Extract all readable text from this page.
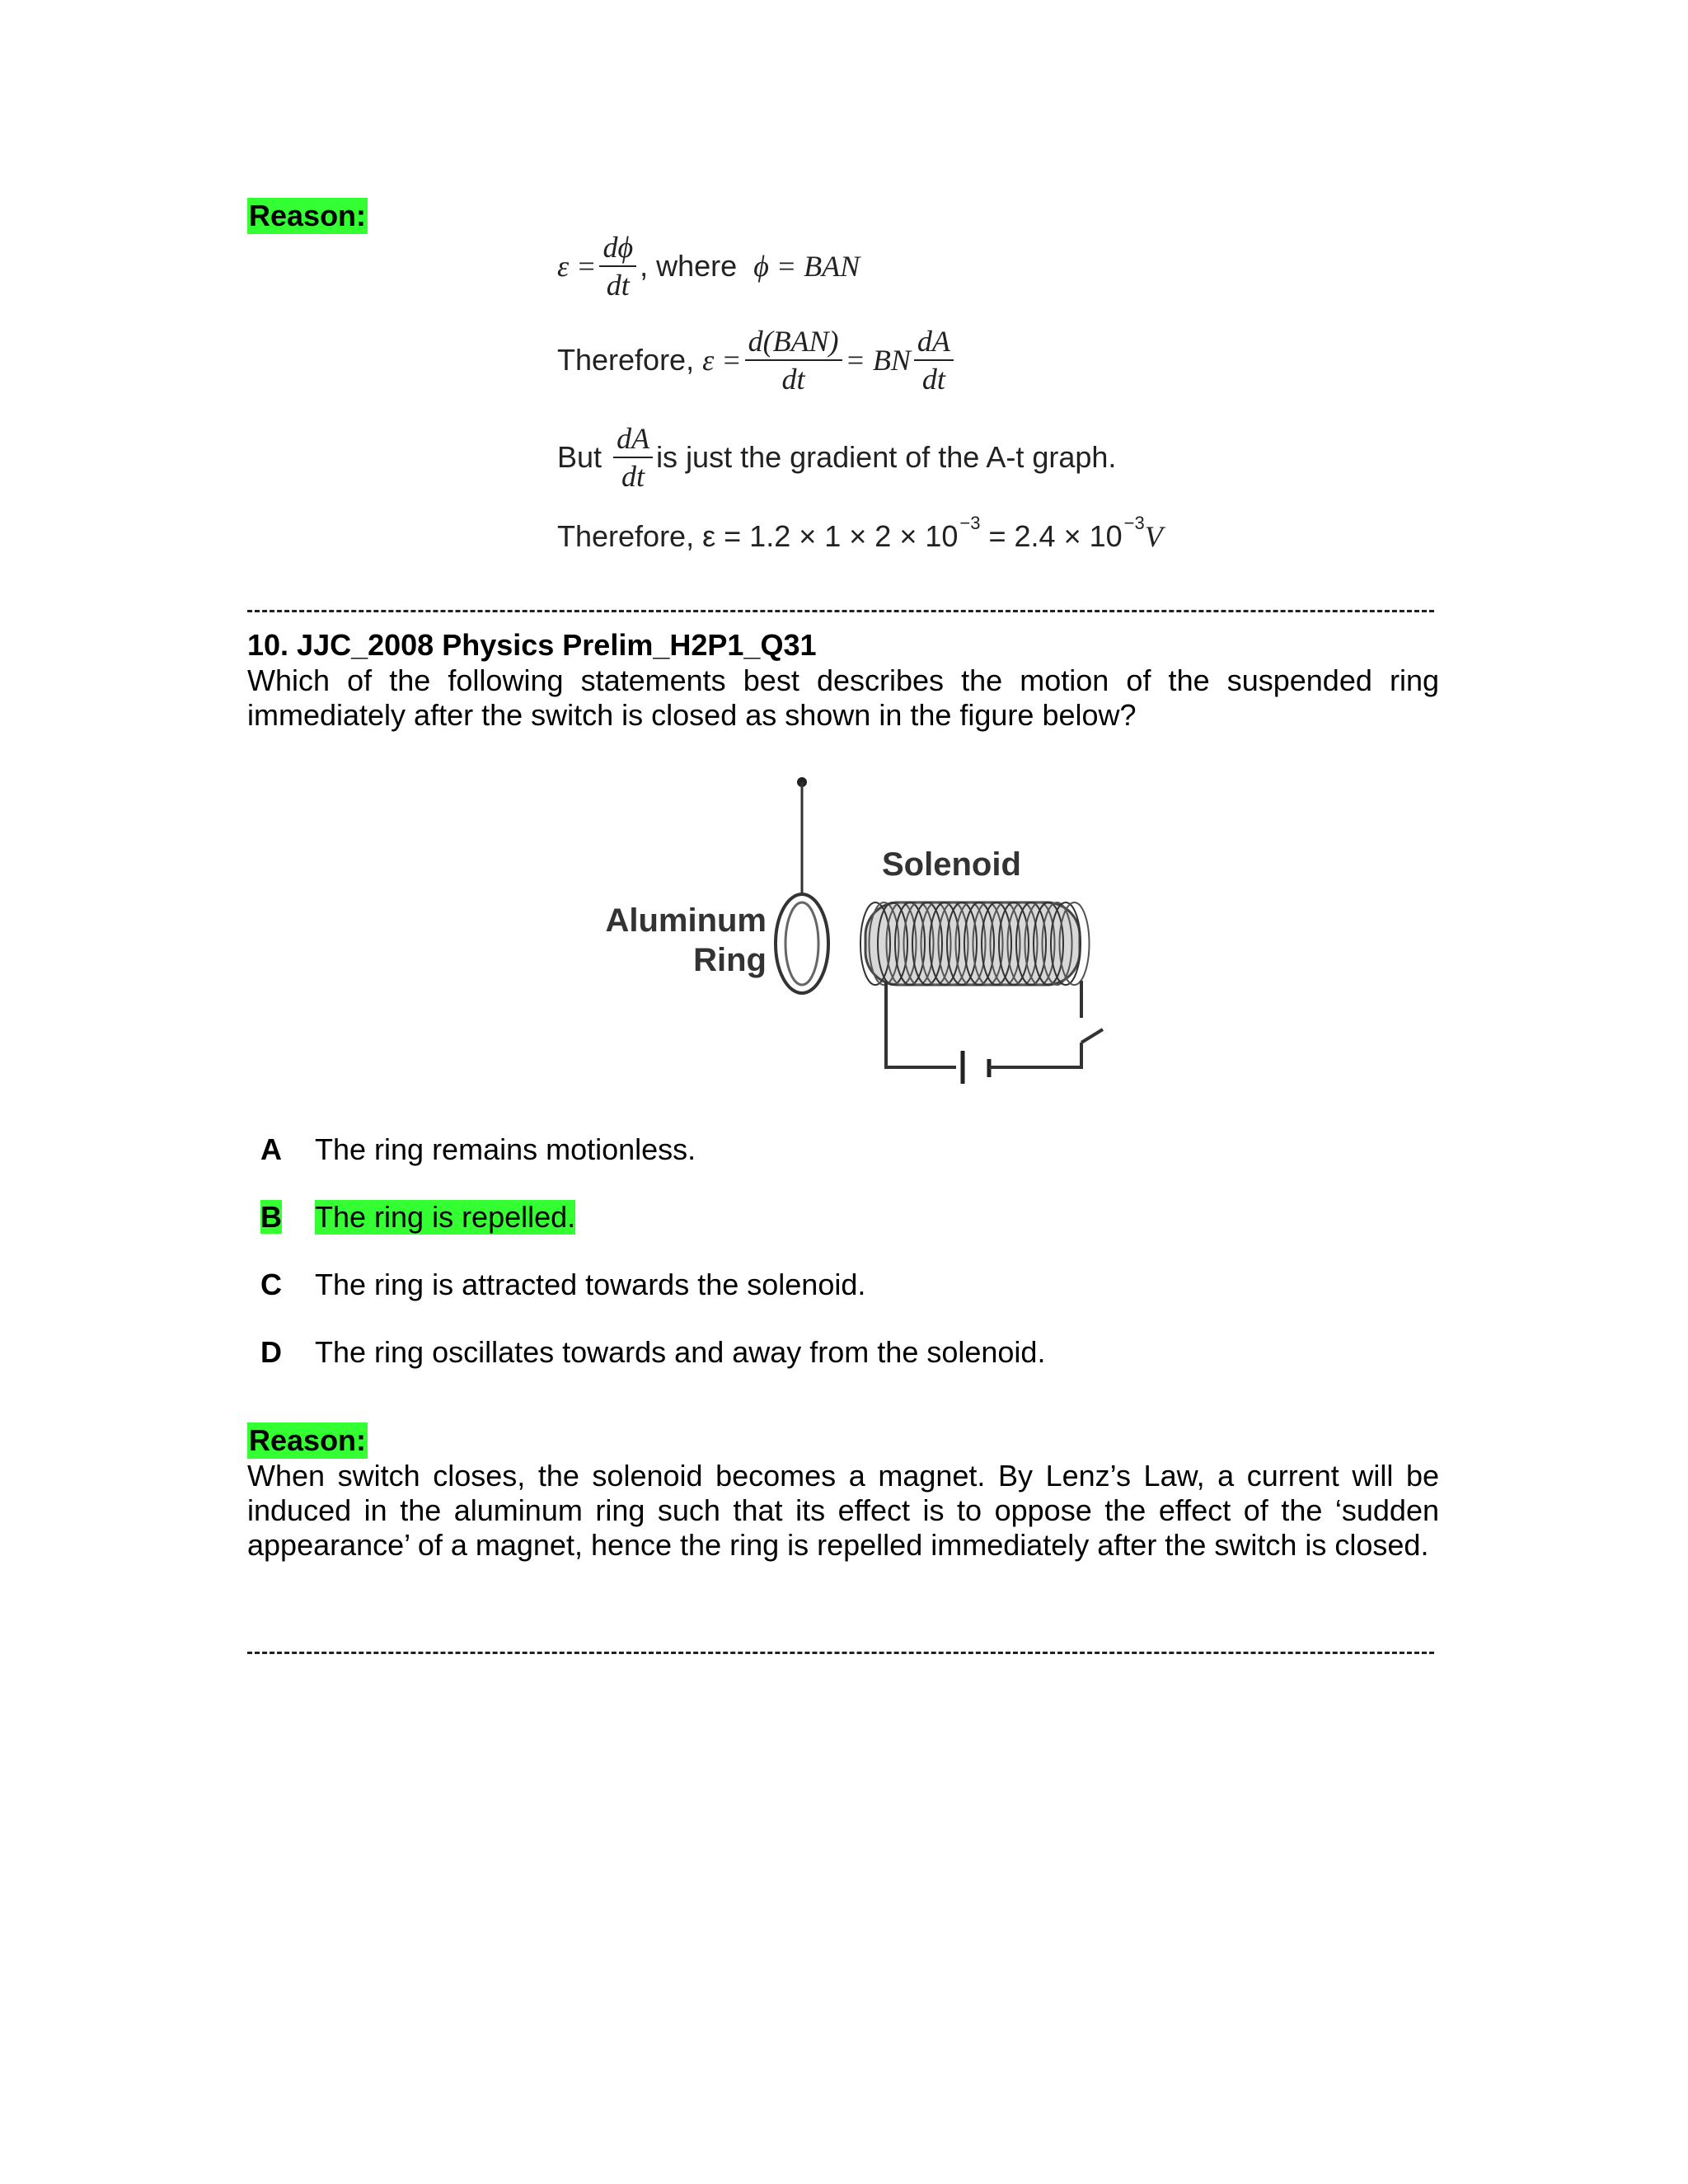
Reason:
$\varepsilon = \frac{d\phi}{dt}$ , where
ϕ = BAN
Therefore,
$\varepsilon = \frac{\text{d(BAN)}}{dt}$ = BN $\frac{dA}{dt}$
But
$\frac{dA}{dt}$ is just the gradient of the A-t graph.
Therefore,
ε = 1.2 × 1 × 2 × 10 −3
= 2.4 × 10 −3 V
10. JJC_2008 Physics Prelim_H2P1_Q31
Which of the following statements best describes the motion of the suspended ring immediately after the switch is closed as shown in the figure below?
Aluminum
Ring
Solenoid
A	The ring remains motionless.
B	The ring is repelled.
C	The ring is attracted towards the solenoid.
D	The ring oscillates towards and away from the solenoid.
Reason:
When switch closes, the solenoid becomes a magnet. By Lenz’s Law, a current will be induced in the aluminum ring such that its effect is to oppose the effect of the ‘sudden appearance’ of a magnet, hence the ring is repelled immediately after the switch is closed.
